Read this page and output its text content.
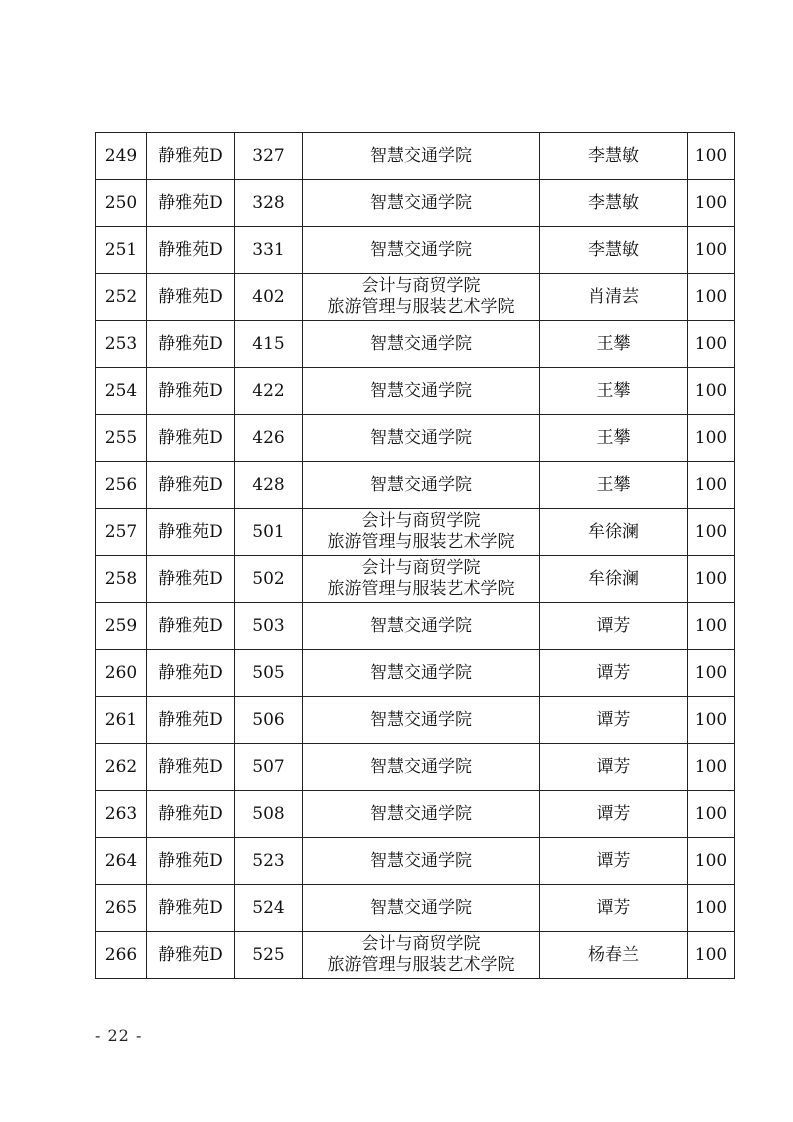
249	静雅苑D	327	智慧交通学院	李慧敏	100
250	静雅苑D	328	智慧交通学院	李慧敏	100
251	静雅苑D	331	智慧交通学院	李慧敏	100
252	静雅苑D	402	会计与商贸学院
旅游管理与服装艺术学院	肖清芸	100
253	静雅苑D	415	智慧交通学院	王攀	100
254	静雅苑D	422	智慧交通学院	王攀	100
255	静雅苑D	426	智慧交通学院	王攀	100
256	静雅苑D	428	智慧交通学院	王攀	100
257	静雅苑D	501	会计与商贸学院
旅游管理与服装艺术学院	牟徐澜	100
258	静雅苑D	502	会计与商贸学院
旅游管理与服装艺术学院	牟徐澜	100
259	静雅苑D	503	智慧交通学院	谭芳	100
260	静雅苑D	505	智慧交通学院	谭芳	100
261	静雅苑D	506	智慧交通学院	谭芳	100
262	静雅苑D	507	智慧交通学院	谭芳	100
263	静雅苑D	508	智慧交通学院	谭芳	100
264	静雅苑D	523	智慧交通学院	谭芳	100
265	静雅苑D	524	智慧交通学院	谭芳	100
266	静雅苑D	525	会计与商贸学院
旅游管理与服装艺术学院	杨春兰	100
- 22 -
